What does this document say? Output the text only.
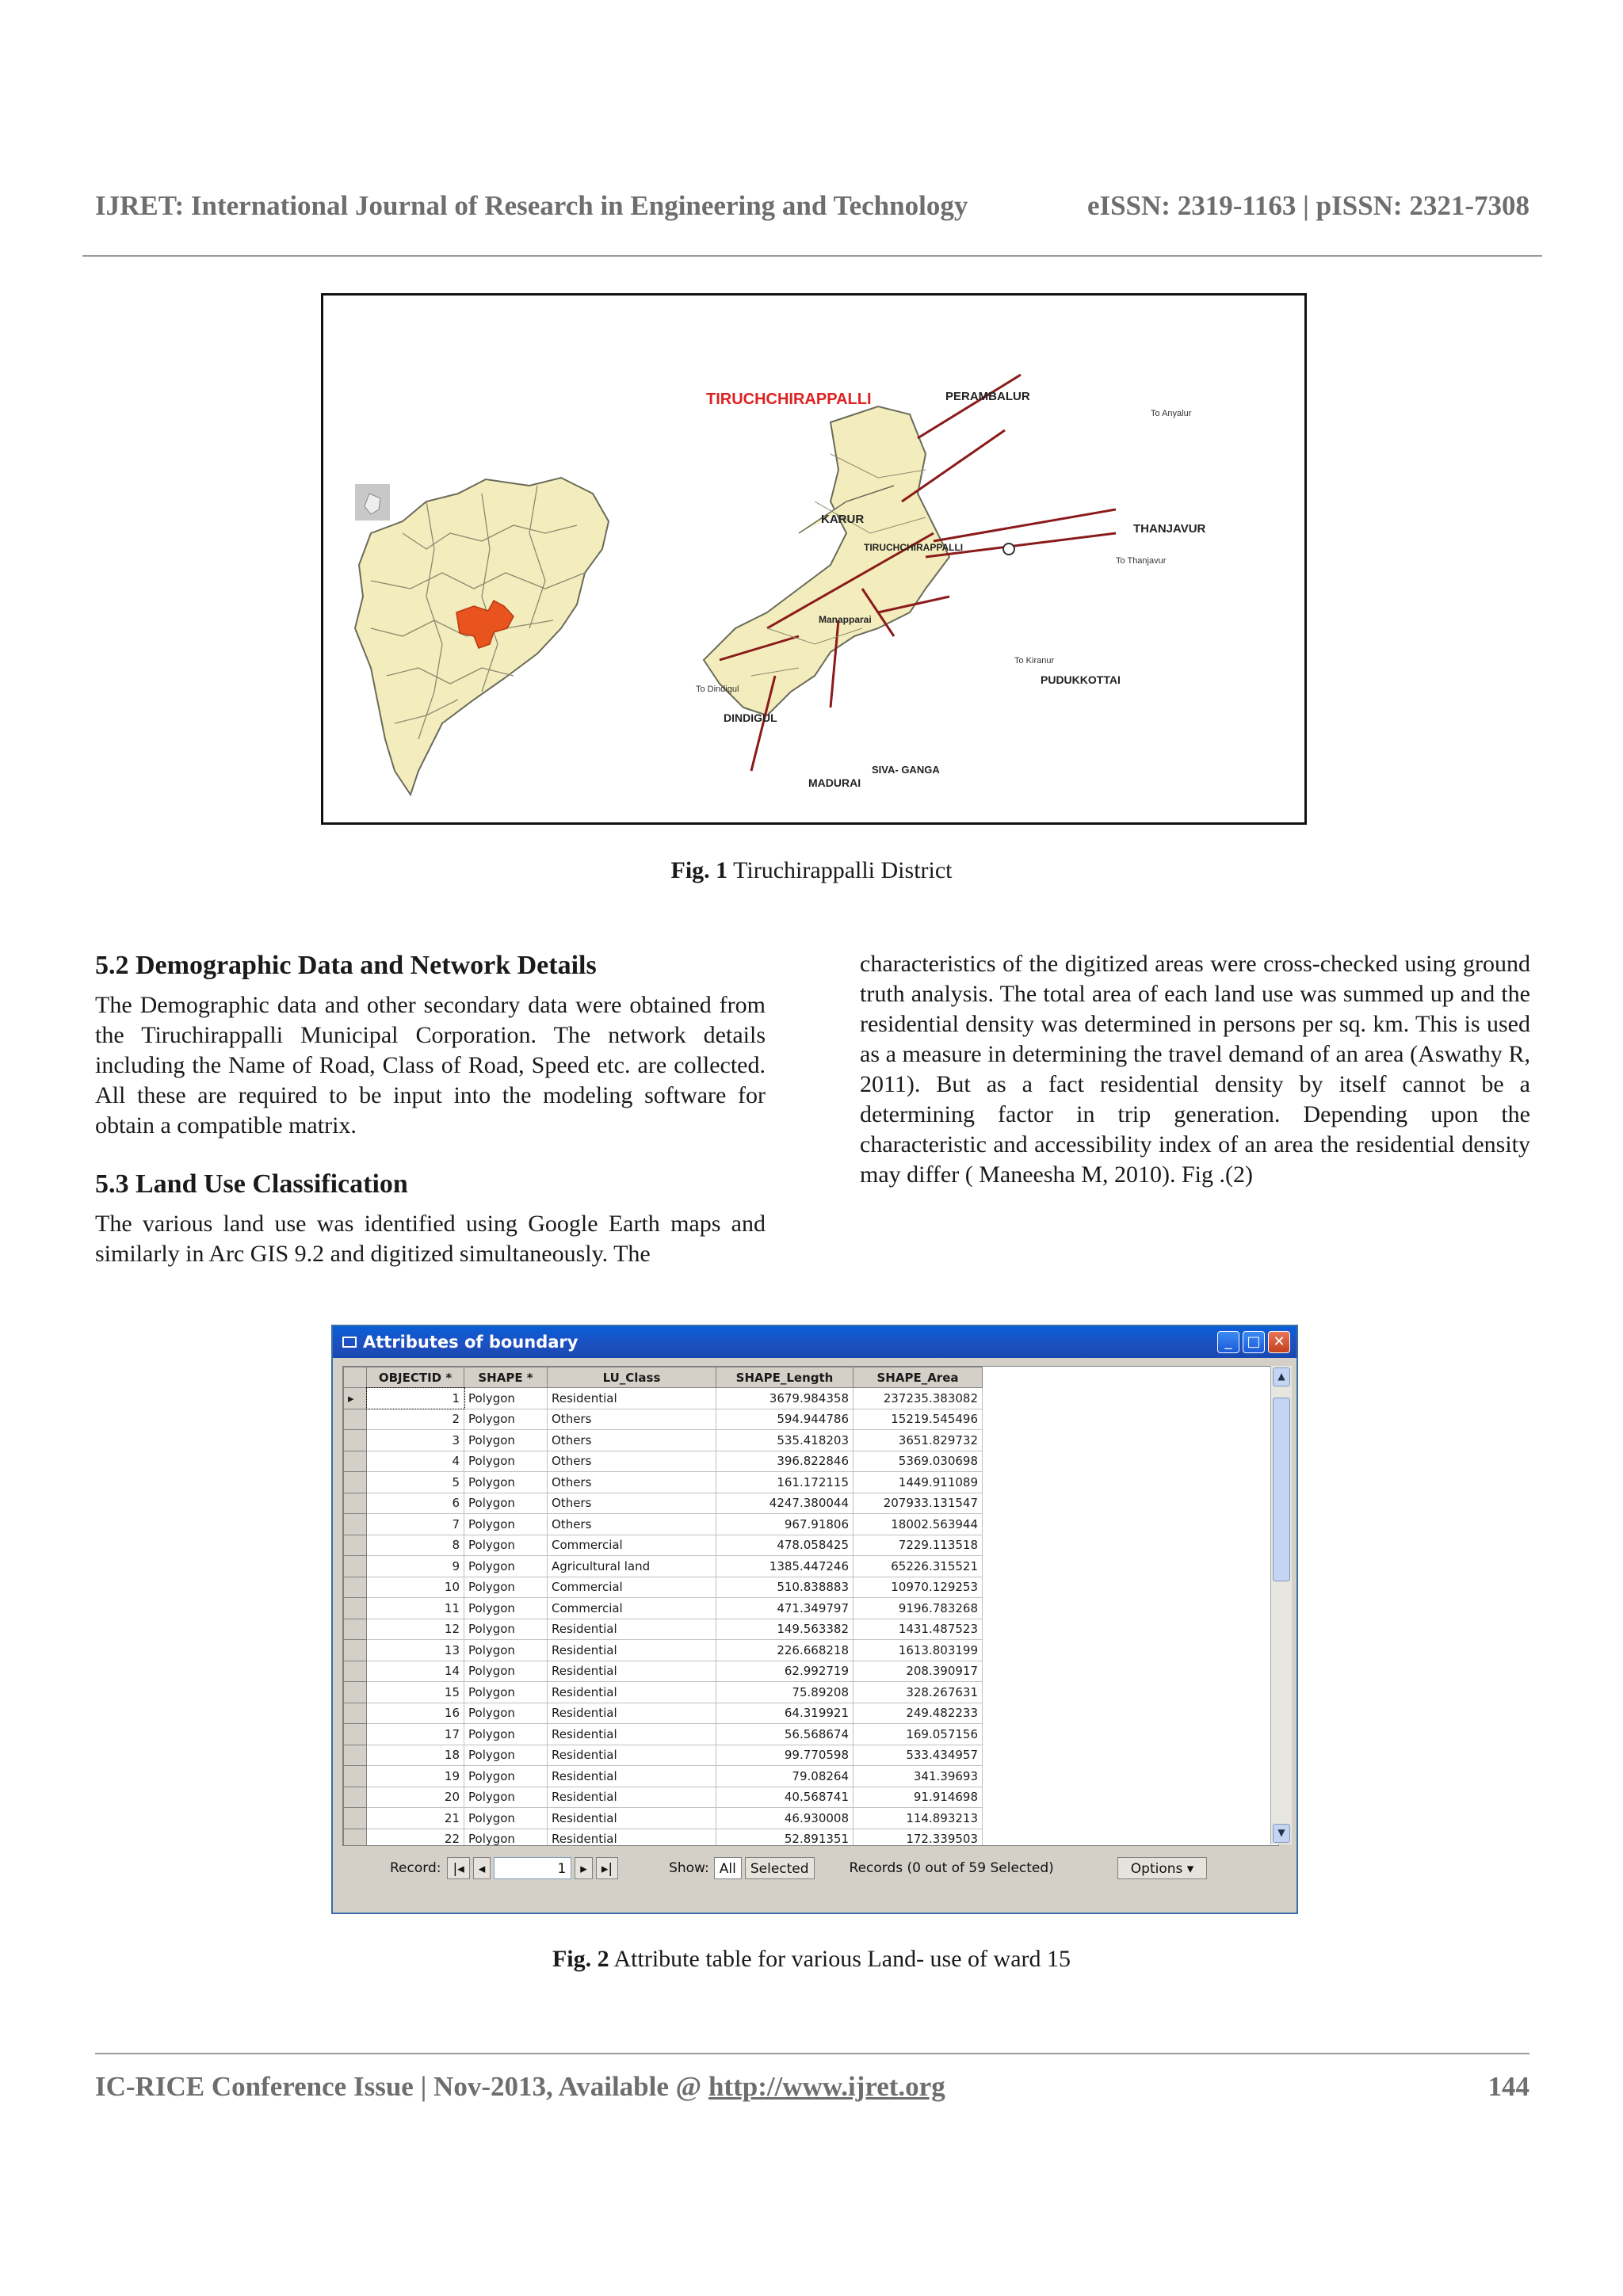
IJRET: International Journal of Research in Engineering and Technology	eISSN: 2319-1163 | pISSN: 2321-7308
TIRUCHCHIRAPPALLI	PERAMBALUR
KARUR
THANJAVUR
PUDUKKOTTAI
DINDIGUL
MADURAI
SIVA- GANGA
TIRUCHCHIRAPPALLI
Manapparai
To Anyalur
To Thanjavur
To Kiranur
To Dindigul
Fig. 1 Tiruchirappalli District
5.2 Demographic Data and Network Details

The Demographic data and other secondary data were obtained from the Tiruchirappalli Municipal Corporation. The network details including the Name of Road, Class of Road, Speed etc. are collected. All these are required to be input into the modeling software for obtain a compatible matrix.

5.3 Land Use Classification

The various land use was identified using Google Earth maps and similarly in Arc GIS 9.2 and digitized simultaneously. The

characteristics of the digitized areas were cross-checked using ground truth analysis. The total area of each land use was summed up and the residential density was determined in persons per sq. km. This is used as a measure in determining the travel demand of an area (Aswathy R, 2011). But as a fact residential density by itself cannot be a determining factor in trip generation. Depending upon the characteristic and accessibility index of an area the residential density may differ ( Maneesha M, 2010). Fig .(2)

Attributes of boundary	_	□ ✕
	OBJECTID *	SHAPE *	LU_Class	SHAPE_Length	SHAPE_Area
▸	1	Polygon	Residential	3679.984358	237235.383082
	2	Polygon	Others	594.944786	15219.545496
	3	Polygon	Others	535.418203	3651.829732
	4	Polygon	Others	396.822846	5369.030698
	5	Polygon	Others	161.172115	1449.911089
	6	Polygon	Others	4247.380044	207933.131547
	7	Polygon	Others	967.91806	18002.563944
	8	Polygon	Commercial	478.058425	7229.113518
	9	Polygon	Agricultural land	1385.447246	65226.315521
	10	Polygon	Commercial	510.838883	10970.129253
	11	Polygon	Commercial	471.349797	9196.783268
	12	Polygon	Residential	149.563382	1431.487523
	13	Polygon	Residential	226.668218	1613.803199
	14	Polygon	Residential	62.992719	208.390917
	15	Polygon	Residential	75.89208	328.267631
	16	Polygon	Residential	64.319921	249.482233
	17	Polygon	Residential	56.568674	169.057156
	18	Polygon	Residential	99.770598	533.434957
	19	Polygon	Residential	79.08264	341.39693
	20	Polygon	Residential	40.568741	91.914698
	21	Polygon	Residential	46.930008	114.893213
	22	Polygon	Residential	52.891351	172.339503
▲
▼
Record: |◂	◂	1	▸	▸|	Show: All	Selected	Records (0 out of 59 Selected)	Options ▾
Fig. 2 Attribute table for various Land- use of ward 15
IC-RICE Conference Issue | Nov-2013, Available @ http://www.ijret.org	144
